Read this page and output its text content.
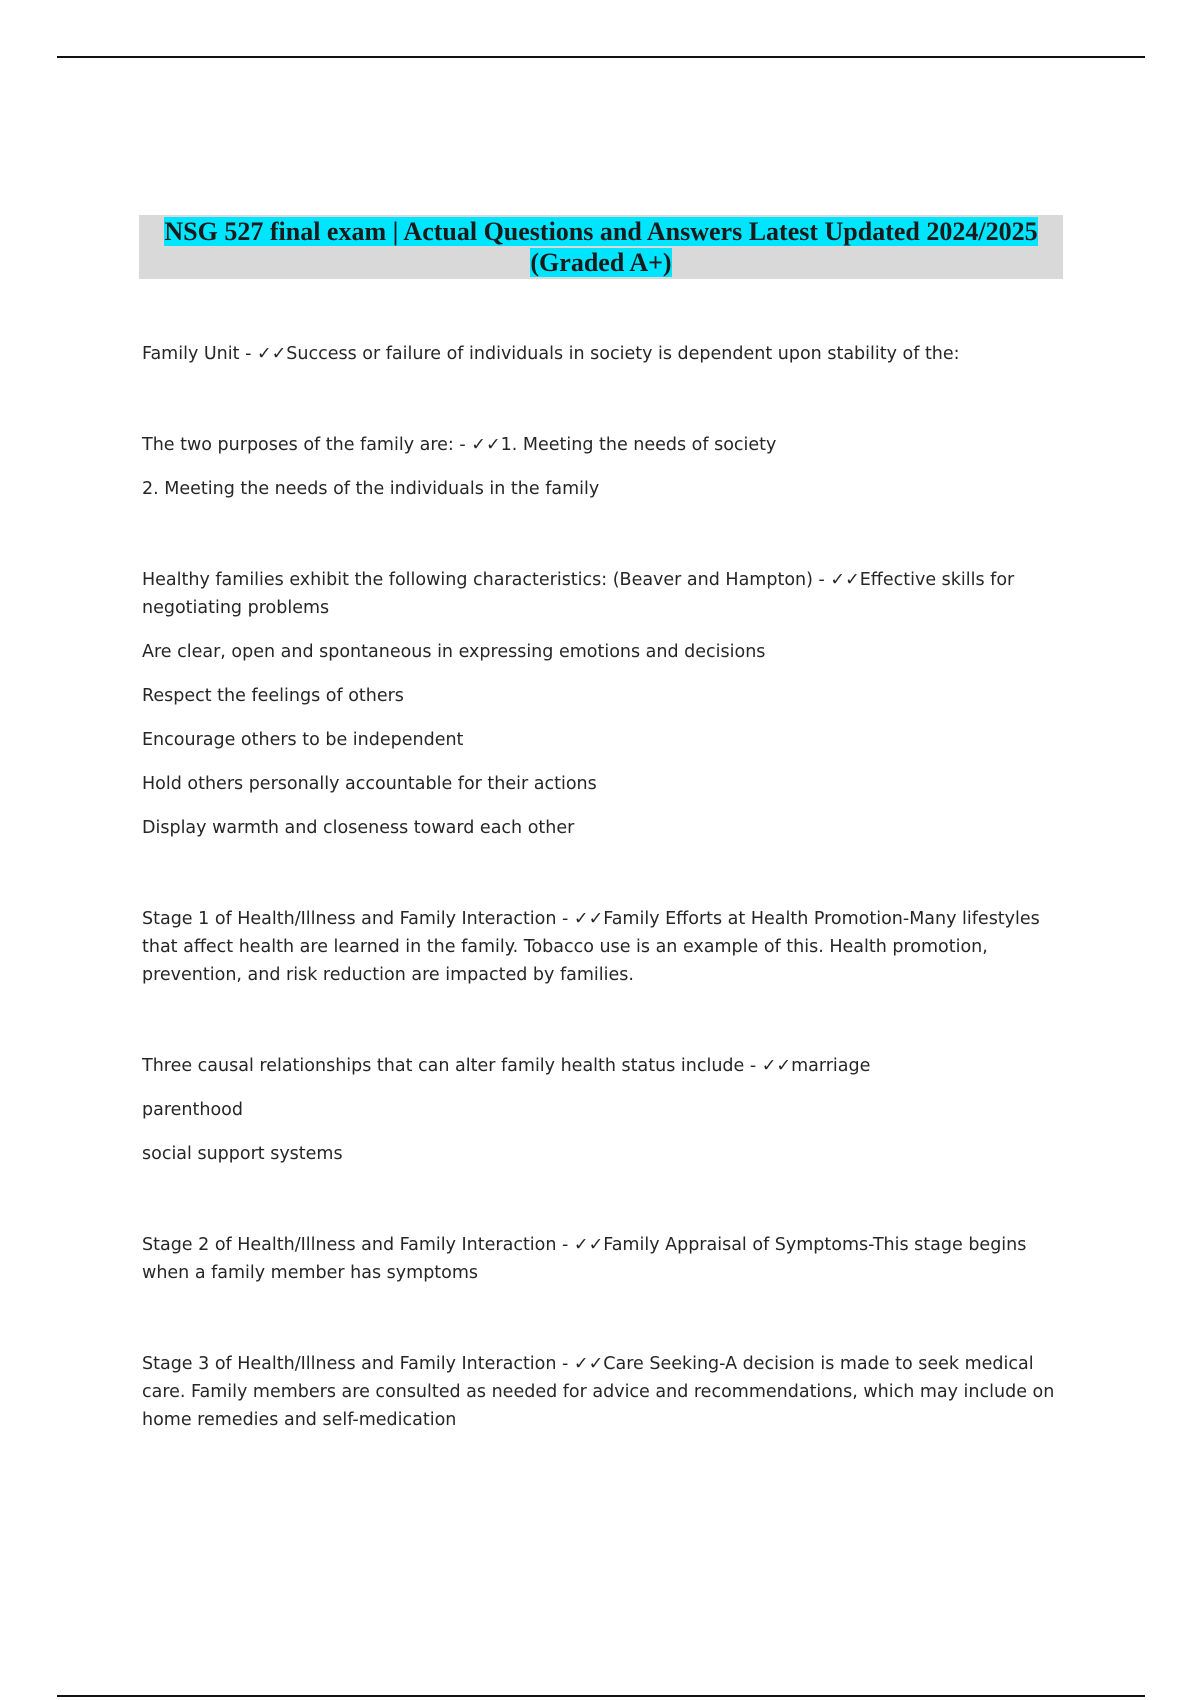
NSG 527 final exam | Actual Questions and Answers Latest Updated 2024/2025 (Graded A+)

Family Unit - ✓✓Success or failure of individuals in society is dependent upon stability of the:

The two purposes of the family are: - ✓✓1. Meeting the needs of society

2. Meeting the needs of the individuals in the family

Healthy families exhibit the following characteristics: (Beaver and Hampton) - ✓✓Effective skills for negotiating problems

Are clear, open and spontaneous in expressing emotions and decisions

Respect the feelings of others

Encourage others to be independent

Hold others personally accountable for their actions

Display warmth and closeness toward each other

Stage 1 of Health/Illness and Family Interaction - ✓✓Family Efforts at Health Promotion-Many lifestyles that affect health are learned in the family. Tobacco use is an example of this. Health promotion, prevention, and risk reduction are impacted by families.

Three causal relationships that can alter family health status include - ✓✓marriage

parenthood

social support systems

Stage 2 of Health/Illness and Family Interaction - ✓✓Family Appraisal of Symptoms-This stage begins when a family member has symptoms

Stage 3 of Health/Illness and Family Interaction - ✓✓Care Seeking-A decision is made to seek medical care. Family members are consulted as needed for advice and recommendations, which may include on home remedies and self-medication
